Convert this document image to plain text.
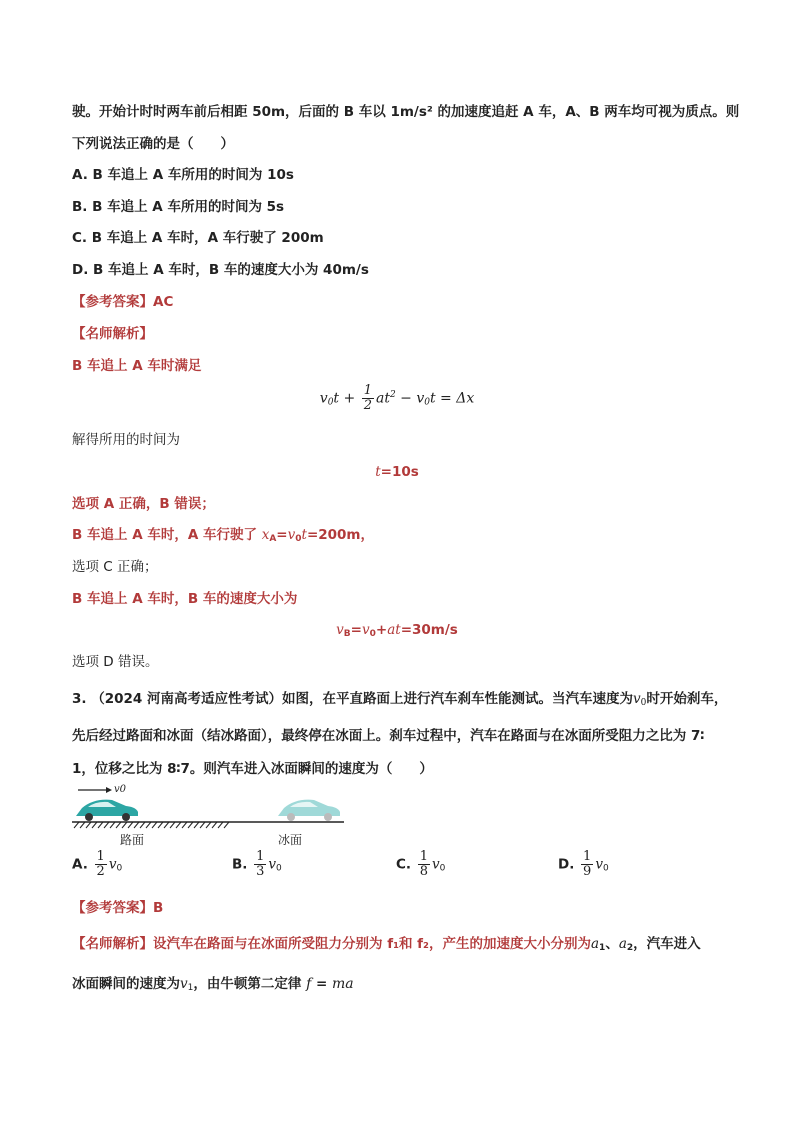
驶。开始计时时两车前后相距 50m，后面的 B 车以 1m/s² 的加速度追赶 A 车，A、B 两车均可视为质点。则
下列说法正确的是（　　）
A. B 车追上 A 车所用的时间为 10s
B. B 车追上 A 车所用的时间为 5s
C. B 车追上 A 车时，A 车行驶了 200m
D. B 车追上 A 车时，B 车的速度大小为 40m/s
【参考答案】AC
【名师解析】
B 车追上 A 车时满足
$v_0t + \frac{1}{2} at^2 - v_0t = \Delta x$
解得所用的时间为
t=10s
选项 A 正确，B 错误；
B 车追上 A 车时，A 车行驶了 $x_A=v_0t=200m$，
选项 C 正确；
B 车追上 A 车时，B 车的速度大小为
$v_B=v_0+at=30m/s$
选项 D 错误。
3. （2024 河南高考适应性考试）如图，在平直路面上进行汽车刹车性能测试。当汽车速度为$v_0$时开始刹车，
先后经过路面和冰面（结冰路面），最终停在冰面上。刹车过程中，汽车在路面与在冰面所受阻力之比为 7∶
1，位移之比为 8∶7。则汽车进入冰面瞬间的速度为（　　）
v0
路面	冰面
A. $\frac{1}{2} v_0$	B. $\frac{1}{3} v_0$	C. $\frac{1}{8} v_0$	D. $\frac{1}{9} v_0$
【参考答案】B
【名师解析】设汽车在路面与在冰面所受阻力分别为 f₁和 f₂，产生的加速度大小分别为$a_1$、$a_2$，汽车进入
冰面瞬间的速度为$v_1$，由牛顿第二定律 f = ma
